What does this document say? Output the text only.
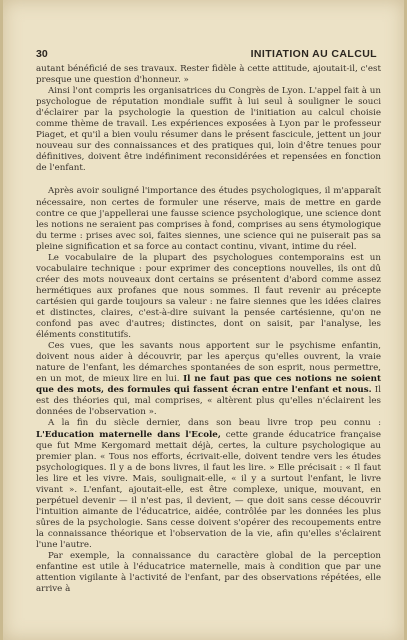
30	INITIATION AU CALCUL

autant bénéficié de ses travaux. Rester fidèle à cette attitude, ajoutait-il, c'est presque une question d'honneur. »

Ainsi l'ont compris les organisatrices du Congrès de Lyon. L'appel fait à un psychologue de réputation mondiale suffit à lui seul à souligner le souci d'éclairer par la psychologie la question de l'initiation au calcul choisie comme thème de travail. Les expériences exposées à Lyon par le professeur Piaget, et qu'il a bien voulu résumer dans le présent fascicule, jettent un jour nouveau sur des connaissances et des pratiques qui, loin d'être tenues pour définitives, doivent être indéfiniment reconsidérées et repensées en fonction de l'enfant.

Après avoir souligné l'importance des études psychologiques, il m'apparaît nécessaire, non certes de formuler une réserve, mais de mettre en garde contre ce que j'appellerai une fausse science psychologique, une science dont les notions ne seraient pas comprises à fond, comprises au sens étymologique du terme : prises avec soi, faites siennes, une science qui ne puiserait pas sa pleine signification et sa force au contact continu, vivant, intime du réel.

Le vocabulaire de la plupart des psychologues contemporains est un vocabulaire technique : pour exprimer des conceptions nouvelles, ils ont dû créer des mots nouveaux dont certains se présentent d'abord comme assez hermétiques aux profanes que nous sommes. Il faut revenir au précepte cartésien qui garde toujours sa valeur : ne faire siennes que les idées claires et distinctes, claires, c'est-à-dire suivant la pensée cartésienne, qu'on ne confond pas avec d'autres; distinctes, dont on saisit, par l'analyse, les éléments constitutifs.

Ces vues, que les savants nous apportent sur le psychisme enfantin, doivent nous aider à découvrir, par les aperçus qu'elles ouvrent, la vraie nature de l'enfant, les démarches spontanées de son esprit, nous permettre, en un mot, de mieux lire en lui. Il ne faut pas que ces notions ne soient que des mots, des formules qui fassent écran entre l'enfant et nous. Il est des théories qui, mal comprises, « altèrent plus qu'elles n'éclairent les données de l'observation ».

A la fin du siècle dernier, dans son beau livre trop peu connu : L'Education maternelle dans l'Ecole, cette grande éducatrice française que fut Mme Kergomard mettait déjà, certes, la culture psychologique au premier plan. « Tous nos efforts, écrivait-elle, doivent tendre vers les études psychologiques. Il y a de bons livres, il faut les lire. » Elle précisait : « Il faut les lire et les vivre. Mais, soulignait-elle, « il y a surtout l'enfant, le livre vivant ». L'enfant, ajoutait-elle, est être complexe, unique, mouvant, en perpétuel devenir — il n'est pas, il devient, — que doit sans cesse découvrir l'intuition aimante de l'éducatrice, aidée, contrôlée par les données les plus sûres de la psychologie. Sans cesse doivent s'opérer des recoupements entre la connaissance théorique et l'observation de la vie, afin qu'elles s'éclairent l'une l'autre.

Par exemple, la connaissance du caractère global de la perception enfantine est utile à l'éducatrice maternelle, mais à condition que par une attention vigilante à l'activité de l'enfant, par des observations répétées, elle arrive à
